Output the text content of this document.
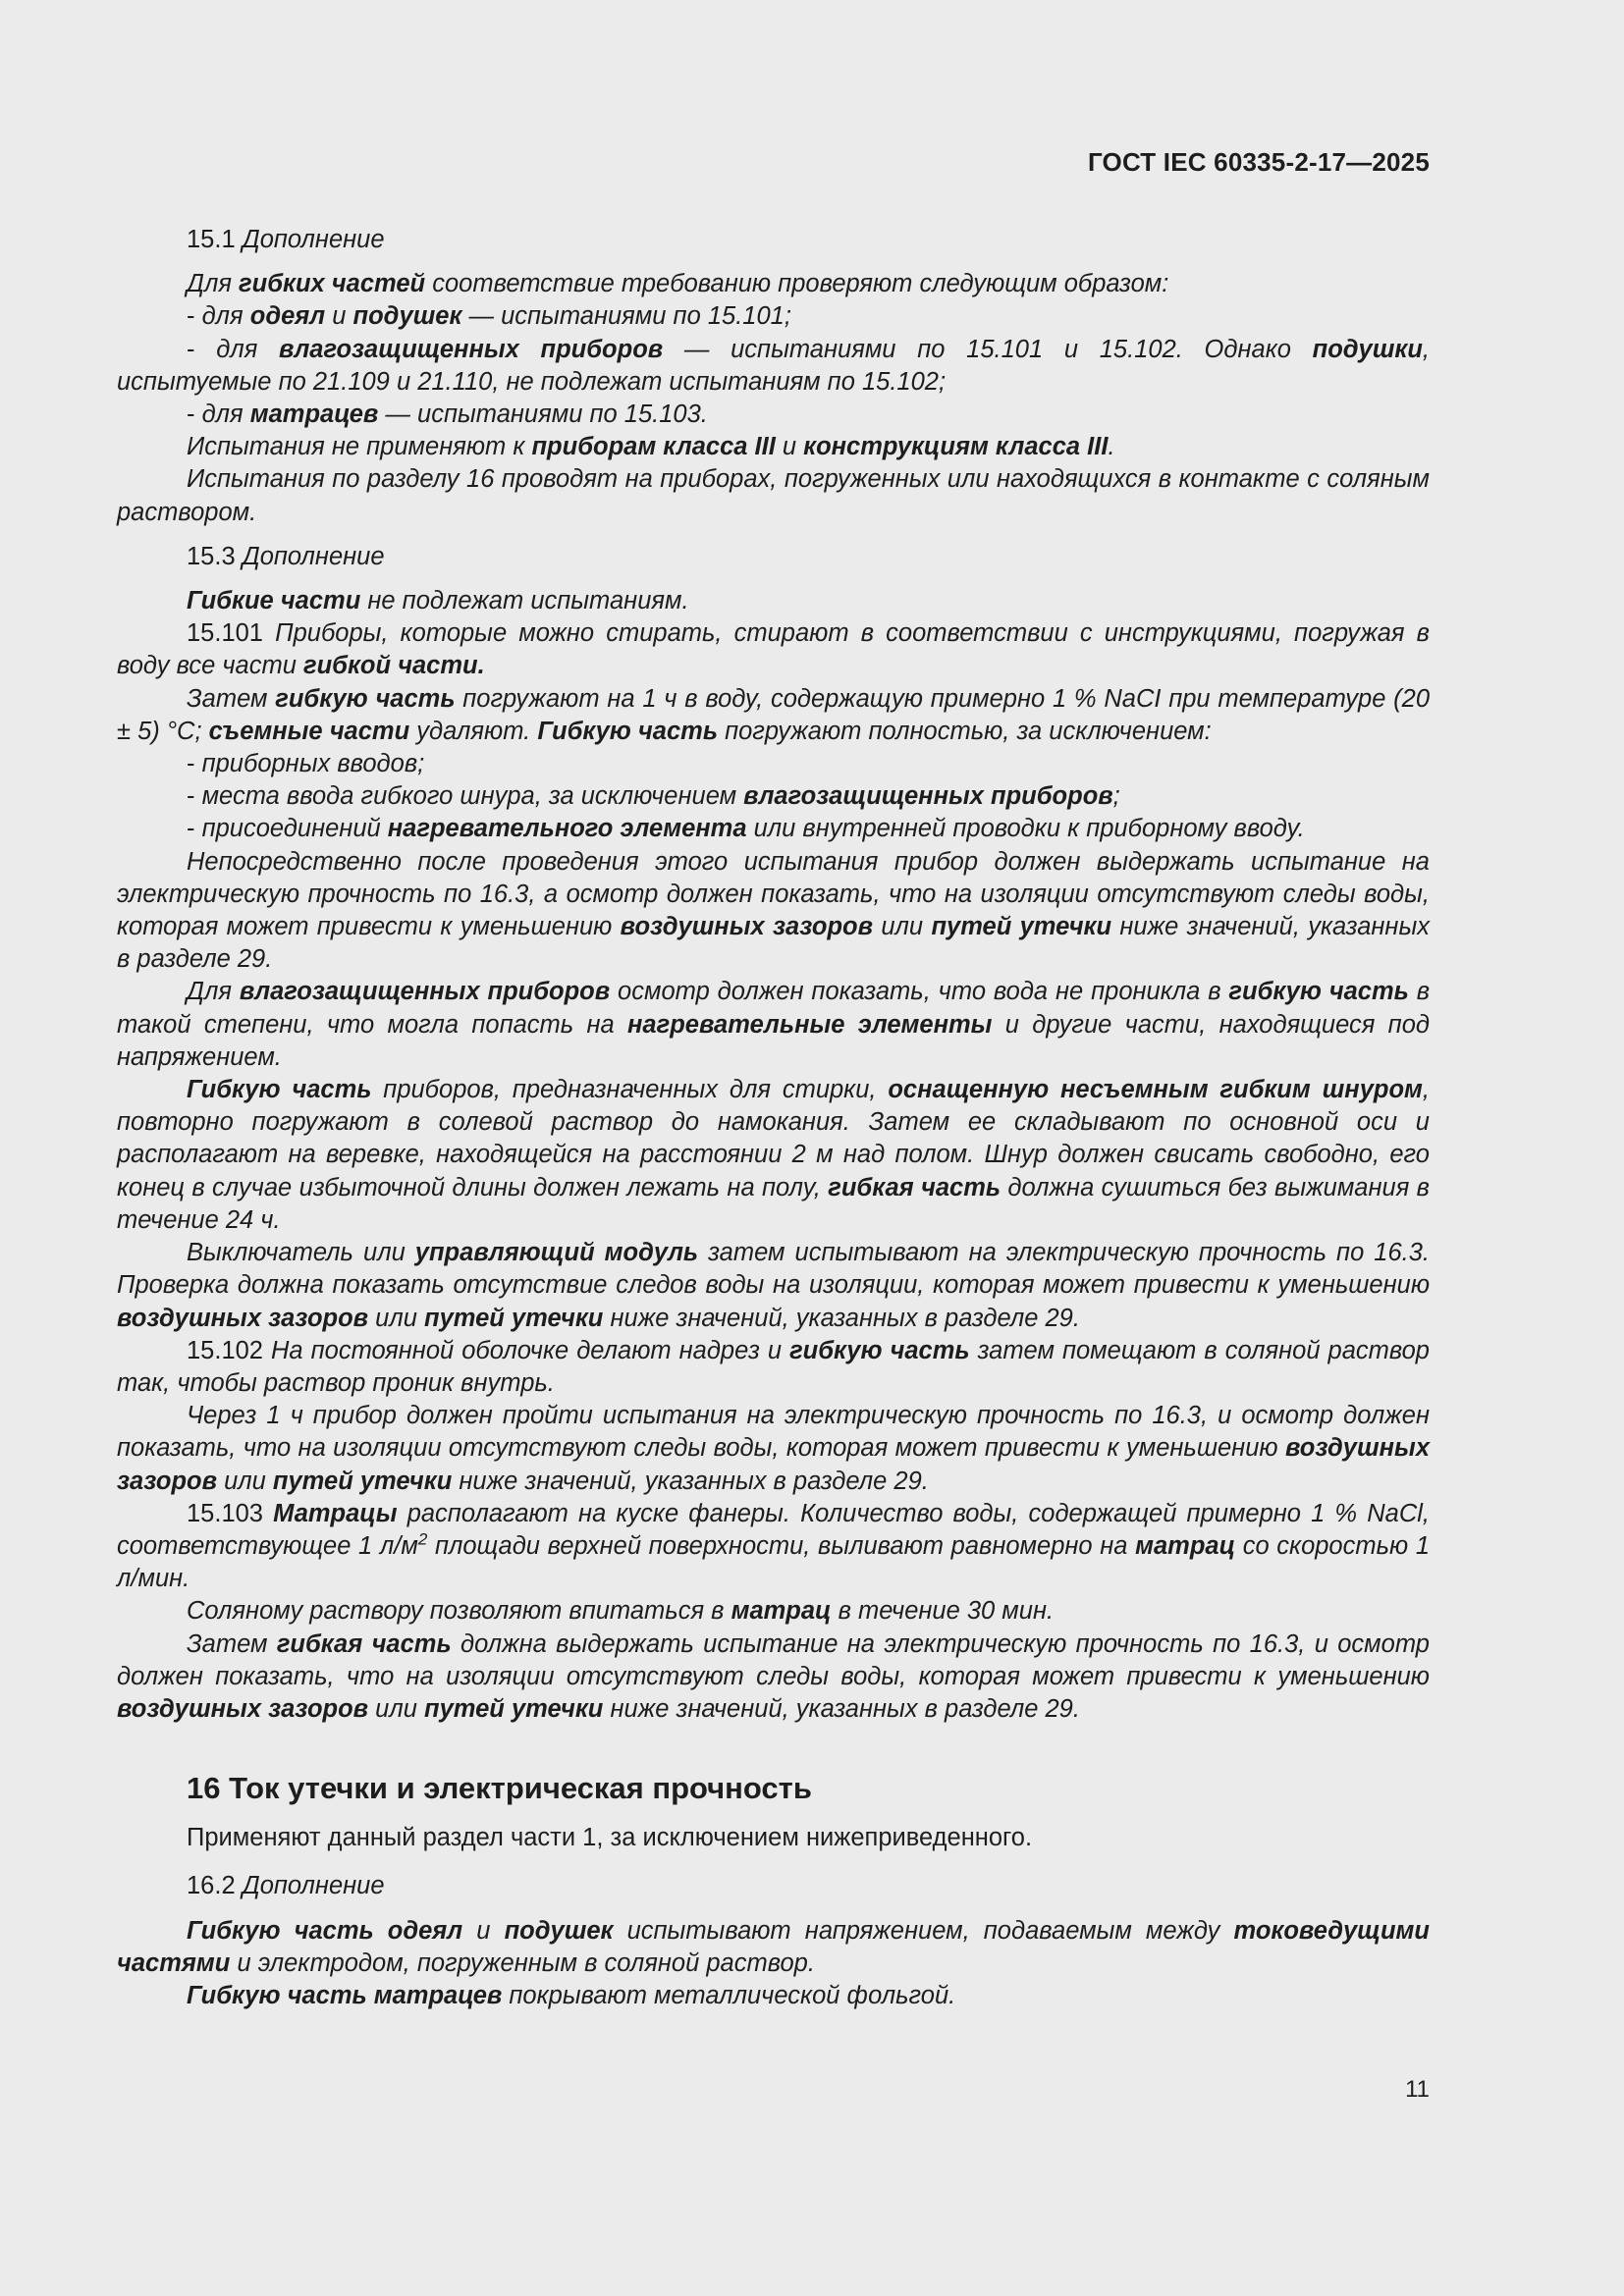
ГОСТ IEC 60335-2-17—2025

15.1 Дополнение

Для гибких частей соответствие требованию проверяют следующим образом:

- для одеял и подушек — испытаниями по 15.101;

- для влагозащищенных приборов — испытаниями по 15.101 и 15.102. Однако подушки, испытуемые по 21.109 и 21.110, не подлежат испытаниям по 15.102;

- для матрацев — испытаниями по 15.103.

Испытания не применяют к приборам класса III и конструкциям класса III.

Испытания по разделу 16 проводят на приборах, погруженных или находящихся в контакте с соляным раствором.

15.3 Дополнение

Гибкие части не подлежат испытаниям.

15.101 Приборы, которые можно стирать, стирают в соответствии с инструкциями, погружая в воду все части гибкой части.

Затем гибкую часть погружают на 1 ч в воду, содержащую примерно 1 % NaCI при температуре (20 ± 5) °С; съемные части удаляют. Гибкую часть погружают полностью, за исключением:

- приборных вводов;

- места ввода гибкого шнура, за исключением влагозащищенных приборов;

- присоединений нагревательного элемента или внутренней проводки к приборному вводу.

Непосредственно после проведения этого испытания прибор должен выдержать испытание на электрическую прочность по 16.3, а осмотр должен показать, что на изоляции отсутствуют следы воды, которая может привести к уменьшению воздушных зазоров или путей утечки ниже значений, указанных в разделе 29.

Для влагозащищенных приборов осмотр должен показать, что вода не проникла в гибкую часть в такой степени, что могла попасть на нагревательные элементы и другие части, находящиеся под напряжением.

Гибкую часть приборов, предназначенных для стирки, оснащенную несъемным гибким шнуром, повторно погружают в солевой раствор до намокания. Затем ее складывают по основной оси и располагают на веревке, находящейся на расстоянии 2 м над полом. Шнур должен свисать свободно, его конец в случае избыточной длины должен лежать на полу, гибкая часть должна сушиться без выжимания в течение 24 ч.

Выключатель или управляющий модуль затем испытывают на электрическую прочность по 16.3. Проверка должна показать отсутствие следов воды на изоляции, которая может привести к уменьшению воздушных зазоров или путей утечки ниже значений, указанных в разделе 29.

15.102 На постоянной оболочке делают надрез и гибкую часть затем помещают в соляной раствор так, чтобы раствор проник внутрь.

Через 1 ч прибор должен пройти испытания на электрическую прочность по 16.3, и осмотр должен показать, что на изоляции отсутствуют следы воды, которая может привести к уменьшению воздушных зазоров или путей утечки ниже значений, указанных в разделе 29.

15.103 Матрацы располагают на куске фанеры. Количество воды, содержащей примерно 1 % NaCl, соответствующее 1 $л/м^2$ площади верхней поверхности, выливают равномерно на матрац со скоростью 1 л/мин.

Соляному раствору позволяют впитаться в матрац в течение 30 мин.

Затем гибкая часть должна выдержать испытание на электрическую прочность по 16.3, и осмотр должен показать, что на изоляции отсутствуют следы воды, которая может привести к уменьшению воздушных зазоров или путей утечки ниже значений, указанных в разделе 29.

16 Ток утечки и электрическая прочность

Применяют данный раздел части 1, за исключением нижеприведенного.

16.2 Дополнение

Гибкую часть одеял и подушек испытывают напряжением, подаваемым между токоведущими частями и электродом, погруженным в соляной раствор.

Гибкую часть матрацев покрывают металлической фольгой.

11
